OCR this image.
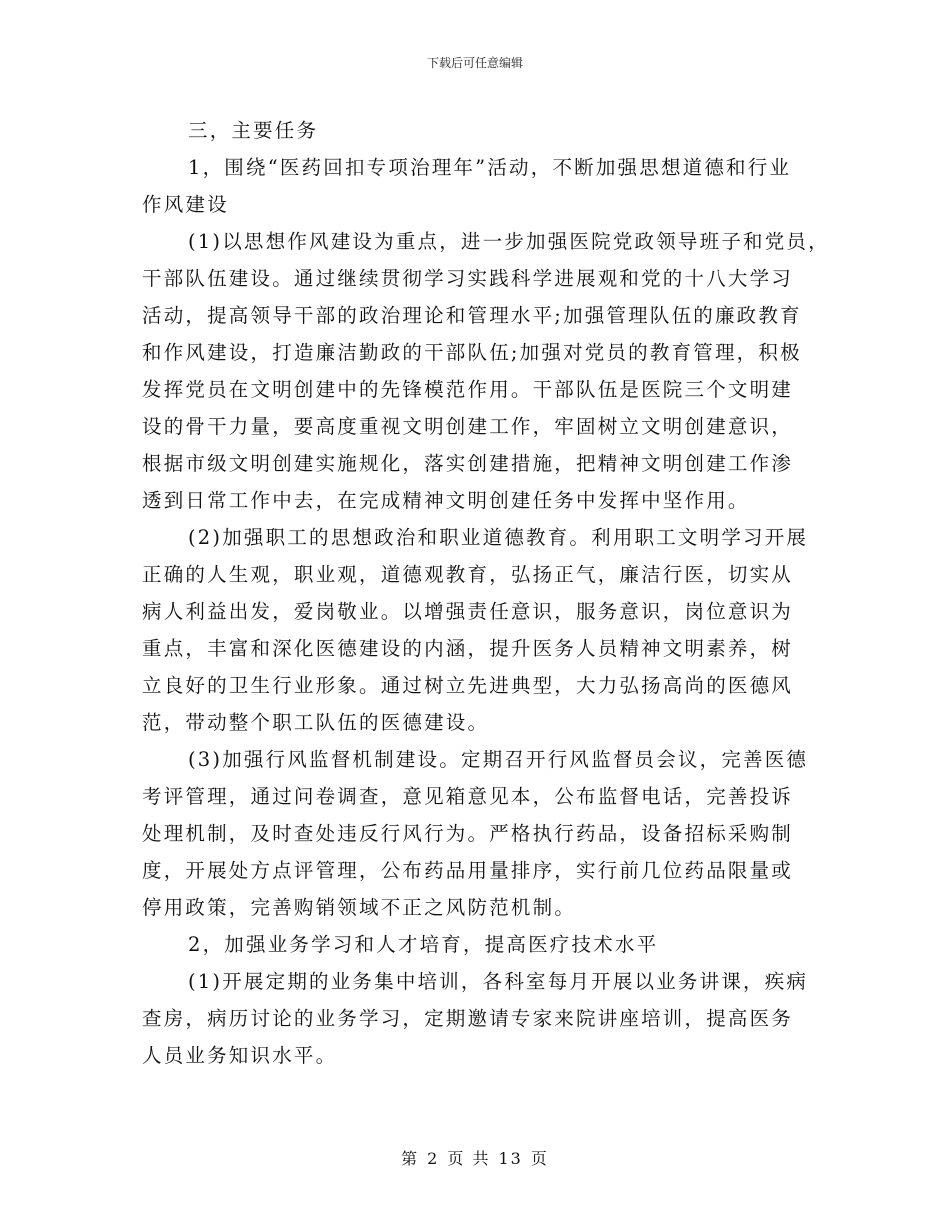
下载后可任意编辑
三，主要任务
1，围绕“医药回扣专项治理年”活动，不断加强思想道德和行业
作风建设
(1)以思想作风建设为重点，进一步加强医院党政领导班子和党员，
干部队伍建设。通过继续贯彻学习实践科学进展观和党的十八大学习
活动，提高领导干部的政治理论和管理水平;加强管理队伍的廉政教育
和作风建设，打造廉洁勤政的干部队伍;加强对党员的教育管理，积极
发挥党员在文明创建中的先锋模范作用。干部队伍是医院三个文明建
设的骨干力量，要高度重视文明创建工作，牢固树立文明创建意识，
根据市级文明创建实施规化，落实创建措施，把精神文明创建工作渗
透到日常工作中去，在完成精神文明创建任务中发挥中坚作用。
(2)加强职工的思想政治和职业道德教育。利用职工文明学习开展
正确的人生观，职业观，道德观教育，弘扬正气，廉洁行医，切实从
病人利益出发，爱岗敬业。以增强责任意识，服务意识，岗位意识为
重点，丰富和深化医德建设的内涵，提升医务人员精神文明素养，树
立良好的卫生行业形象。通过树立先进典型，大力弘扬高尚的医德风
范，带动整个职工队伍的医德建设。
(3)加强行风监督机制建设。定期召开行风监督员会议，完善医德
考评管理，通过问卷调查，意见箱意见本，公布监督电话，完善投诉
处理机制，及时查处违反行风行为。严格执行药品，设备招标采购制
度，开展处方点评管理，公布药品用量排序，实行前几位药品限量或
停用政策，完善购销领域不正之风防范机制。
2，加强业务学习和人才培育，提高医疗技术水平
(1)开展定期的业务集中培训，各科室每月开展以业务讲课，疾病
查房，病历讨论的业务学习，定期邀请专家来院讲座培训，提高医务
人员业务知识水平。
第 2 页 共 13 页
